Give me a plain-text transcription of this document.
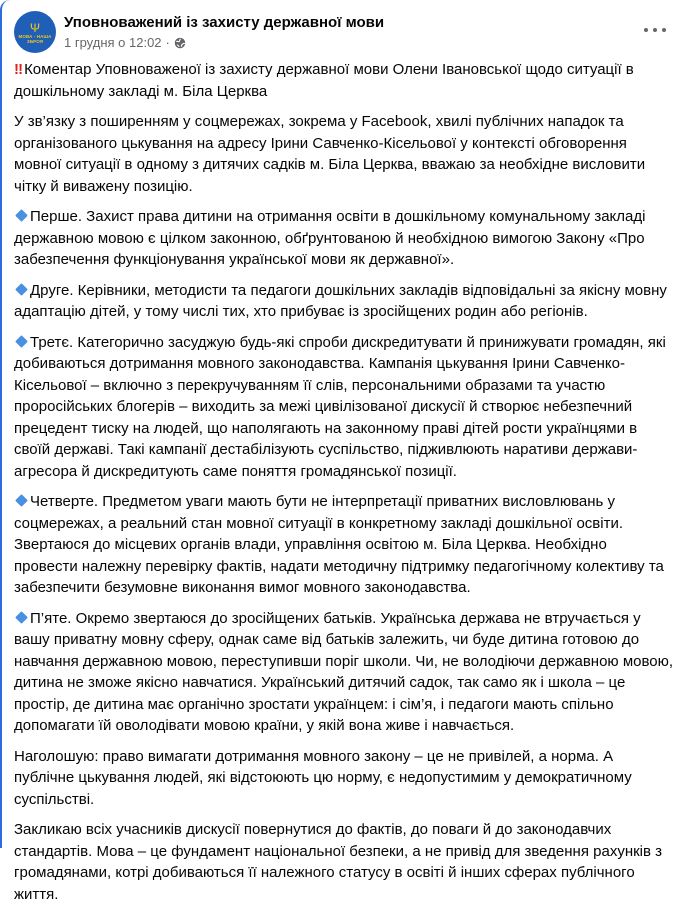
Ψ
МОВА - НАША ЗБРОЯ
Уповноважений із захисту державної мови
1 грудня о 12:02 ·

‼ Коментар Уповноваженої із захисту державної мови Олени Івановської щодо ситуації в дошкільному закладі м. Біла Церква

У зв’язку з поширенням у соцмережах, зокрема у Facebook, хвилі публічних нападок та організованого цькування на адресу Ірини Савченко-Кісельової у контексті обговорення мовної ситуації в одному з дитячих садків м. Біла Церква, вважаю за необхідне висловити чітку й виважену позицію.

Перше. Захист права дитини на отримання освіти в дошкільному комунальному закладі державною мовою є цілком законною, обґрунтованою й необхідною вимогою Закону «Про забезпечення функціонування української мови як державної».

Друге. Керівники, методисти та педагоги дошкільних закладів відповідальні за якісну мовну адаптацію дітей, у тому числі тих, хто прибуває із зросійщених родин або регіонів.

Третє. Категорично засуджую будь-які спроби дискредитувати й принижувати громадян, які добиваються дотримання мовного законодавства. Кампанія цькування Ірини Савченко-Кісельової – включно з перекручуванням її слів, персональними образами та участю проросійських блогерів – виходить за межі цивілізованої дискусії й створює небезпечний прецедент тиску на людей, що наполягають на законному праві дітей рости українцями в своїй державі. Такі кампанії дестабілізують суспільство, підживлюють наративи держави-агресора й дискредитують саме поняття громадянської позиції.

Четверте. Предметом уваги мають бути не інтерпретації приватних висловлювань у соцмережах, а реальний стан мовної ситуації в конкретному закладі дошкільної освіти. Звертаюся до місцевих органів влади, управління освітою м. Біла Церква. Необхідно провести належну перевірку фактів, надати методичну підтримку педагогічному колективу та забезпечити безумовне виконання вимог мовного законодавства.

П’яте. Окремо звертаюся до зросійщених батьків. Українська держава не втручається у вашу приватну мовну сферу, однак саме від батьків залежить, чи буде дитина готовою до навчання державною мовою, переступивши поріг школи. Чи, не володіючи державною мовою, дитина не зможе якісно навчатися. Український дитячий садок, так само як і школа – це простір, де дитина має органічно зростати українцем: і сім’я, і педагоги мають спільно допомагати їй оволодівати мовою країни, у якій вона живе і навчається.

Наголошую: право вимагати дотримання мовного закону – це не привілей, а норма. А публічне цькування людей, які відстоюють цю норму, є недопустимим у демократичному суспільстві.

Закликаю всіх учасників дискусії повернутися до фактів, до поваги й до законодавчих стандартів. Мова – це фундамент національної безпеки, а не привід для зведення рахунків з громадянами, котрі добиваються її належного статусу в освіті й інших сферах публічного життя.
